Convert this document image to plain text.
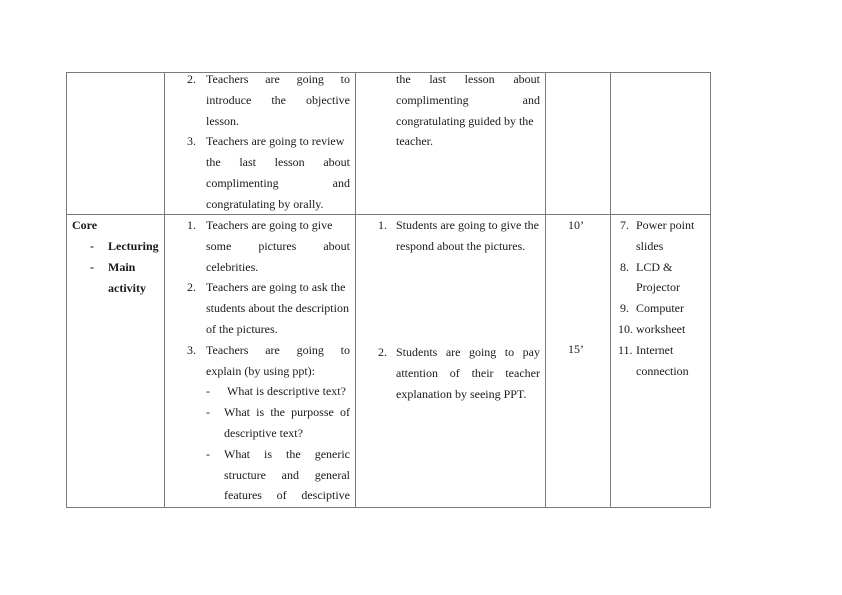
2. Teachers are going to
introduce the objective
lesson.
3. Teachers are going to review
the last lesson about
complimenting	and
congratulating by orally.
the last lesson about
complimenting	and
congratulating guided by the
teacher.
Core
- Lecturing
- Main
activity
1. Teachers are going to give
some pictures about
celebrities.
2. Teachers are going to ask the
students about the description
of the pictures.
3. Teachers are going to
explain (by using ppt):
- What is descriptive text?
- What is the purposse of
descriptive text?
- What is the generic
structure and general
features of desciptive
1. Students are going to give the
respond about the pictures.
2. Students are going to pay
attention of their teacher
explanation by seeing PPT.
10’
15’
7. Power point
slides
8. LCD &
Projector
9. Computer
10. worksheet
11. Internet
connection
